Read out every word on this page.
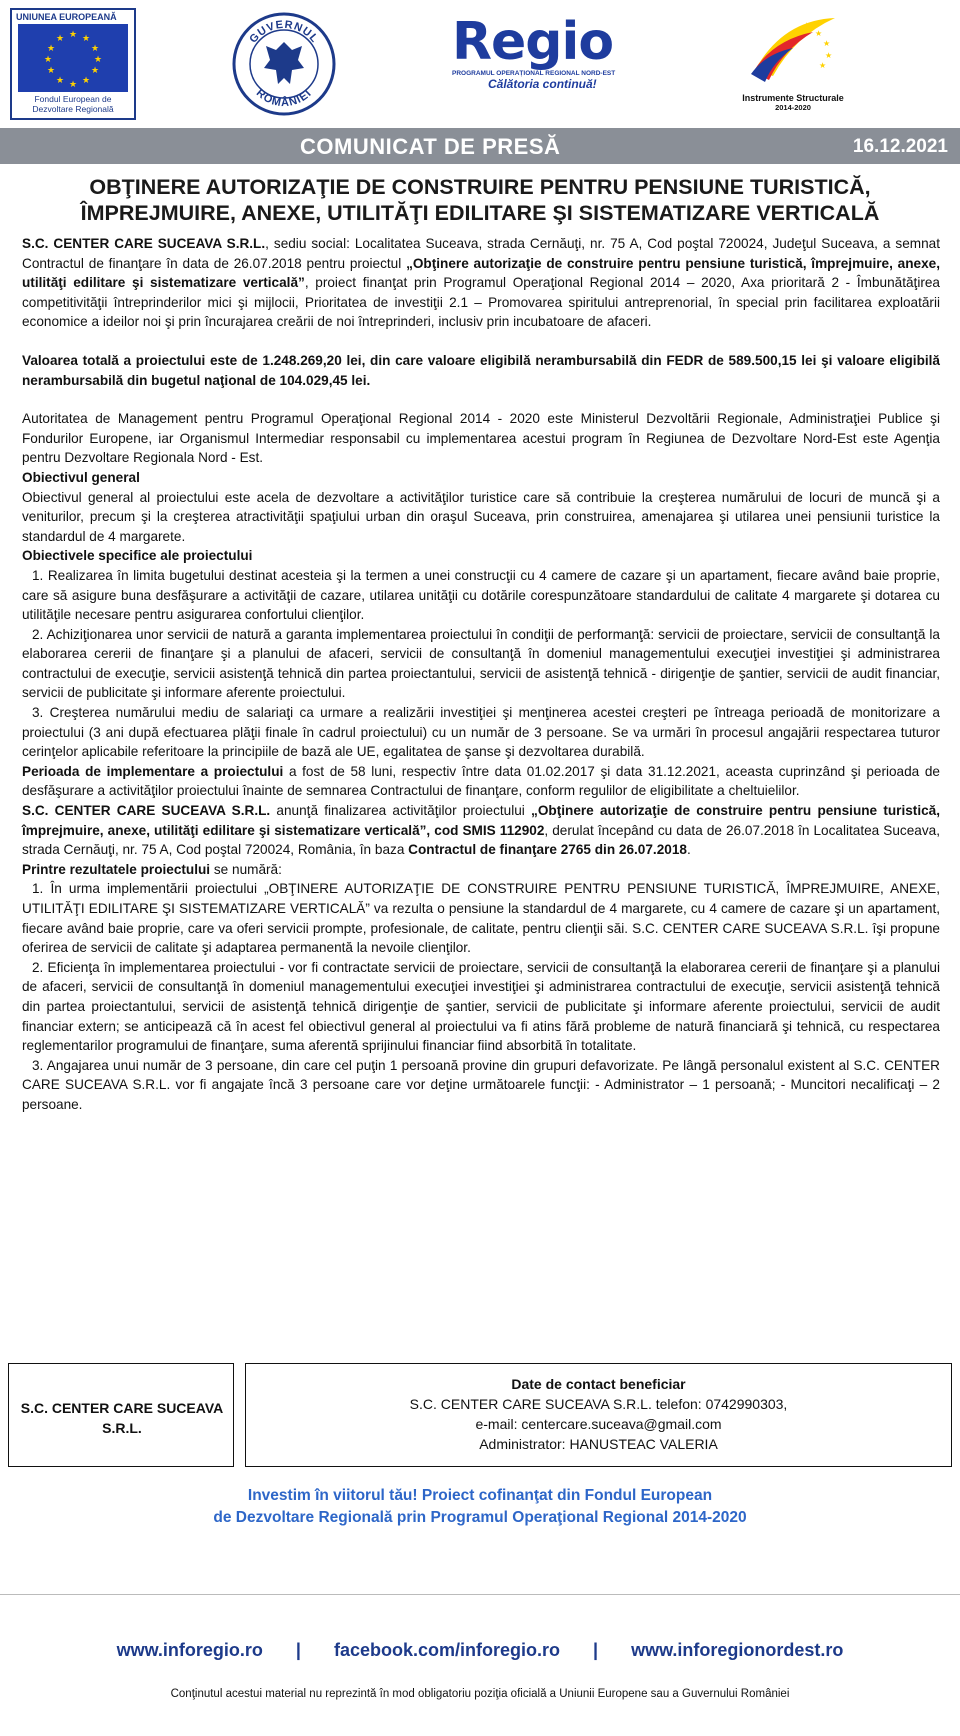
UNIUNEA EUROPEANĂ
★ ★
★
★
★
★
★
★
★
★
★
★
Fondul European de
Dezvoltare Regională
GUVERNUL
ROMÂNIEI
Regio
PROGRAMUL OPERAȚIONAL REGIONAL NORD-EST
Călătoria continuă!
★
★
★
★
★
Instrumente Structurale
2014-2020
COMUNICAT DE PRESĂ	16.12.2021
OBŢINERE AUTORIZAŢIE DE CONSTRUIRE PENTRU PENSIUNE TURISTICĂ,
ÎMPREJMUIRE, ANEXE, UTILITĂŢI EDILITARE ŞI SISTEMATIZARE VERTICALĂ

S.C. CENTER CARE SUCEAVA S.R.L., sediu social: Localitatea Suceava, strada Cernăuţi, nr. 75 A, Cod poştal 720024, Judeţul Suceava, a semnat Contractul de finanţare în data de 26.07.2018 pentru proiectul „Obţinere autorizaţie de construire pentru pensiune turistică, împrejmuire, anexe, utilităţi edilitare şi sistematizare verticală”, proiect finanţat prin Programul Operaţional Regional 2014 – 2020, Axa prioritară 2 - Îmbunătăţirea competitivităţii întreprinderilor mici şi mijlocii, Prioritatea de investiţii 2.1 – Promovarea spiritului antreprenorial, în special prin facilitarea exploatării economice a ideilor noi şi prin încurajarea creării de noi întreprinderi, inclusiv prin incubatoare de afaceri.

Valoarea totală a proiectului este de 1.248.269,20 lei, din care valoare eligibilă nerambursabilă din FEDR de 589.500,15 lei şi valoare eligibilă nerambursabilă din bugetul naţional de 104.029,45 lei.

Autoritatea de Management pentru Programul Operaţional Regional 2014 - 2020 este Ministerul Dezvoltării Regionale, Administraţiei Publice şi Fondurilor Europene, iar Organismul Intermediar responsabil cu implementarea acestui program în Regiunea de Dezvoltare Nord-Est este Agenţia pentru Dezvoltare Regionala Nord - Est.

Obiectivul general

Obiectivul general al proiectului este acela de dezvoltare a activităţilor turistice care să contribuie la creşterea numărului de locuri de muncă şi a veniturilor, precum şi la creşterea atractivităţii spaţiului urban din oraşul Suceava, prin construirea, amenajarea şi utilarea unei pensiunii turistice la standardul de 4 margarete.

Obiectivele specifice ale proiectului

1. Realizarea în limita bugetului destinat acesteia şi la termen a unei construcţii cu 4 camere de cazare şi un apartament, fiecare având baie proprie, care să asigure buna desfăşurare a activităţii de cazare, utilarea unităţii cu dotările corespunzătoare standardului de calitate 4 margarete şi dotarea cu utilităţile necesare pentru asigurarea confortului clienţilor.

2. Achiziţionarea unor servicii de natură a garanta implementarea proiectului în condiţii de performanţă: servicii de proiectare, servicii de consultanţă la elaborarea cererii de finanţare şi a planului de afaceri, servicii de consultanţă în domeniul managementului execuţiei investiţiei şi administrarea contractului de execuţie, servicii asistenţă tehnică din partea proiectantului, servicii de asistenţă tehnică - dirigenţie de şantier, servicii de audit financiar, servicii de publicitate şi informare aferente proiectului.

3. Creşterea numărului mediu de salariaţi ca urmare a realizării investiţiei şi menţinerea acestei creşteri pe întreaga perioadă de monitorizare a proiectului (3 ani după efectuarea plăţii finale în cadrul proiectului) cu un număr de 3 persoane. Se va urmări în procesul angajării respectarea tuturor cerinţelor aplicabile referitoare la principiile de bază ale UE, egalitatea de şanse şi dezvoltarea durabilă.

Perioada de implementare a proiectului a fost de 58 luni, respectiv între data 01.02.2017 şi data 31.12.2021, aceasta cuprinzând şi perioada de desfăşurare a activităţilor proiectului înainte de semnarea Contractului de finanţare, conform regulilor de eligibilitate a cheltuielilor.

S.C. CENTER CARE SUCEAVA S.R.L. anunţă finalizarea activităţilor proiectului „Obţinere autorizaţie de construire pentru pensiune turistică, împrejmuire, anexe, utilităţi edilitare şi sistematizare verticală”, cod SMIS 112902, derulat începând cu data de 26.07.2018 în Localitatea Suceava, strada Cernăuţi, nr. 75 A, Cod poştal 720024, România, în baza Contractul de finanţare 2765 din 26.07.2018.

Printre rezultatele proiectului se numără:

1. În urma implementării proiectului „OBŢINERE AUTORIZAŢIE DE CONSTRUIRE PENTRU PENSIUNE TURISTICĂ, ÎMPREJMUIRE, ANEXE, UTILITĂŢI EDILITARE ŞI SISTEMATIZARE VERTICALĂ” va rezulta o pensiune la standardul de 4 margarete, cu 4 camere de cazare şi un apartament, fiecare având baie proprie, care va oferi servicii prompte, profesionale, de calitate, pentru clienţii săi. S.C. CENTER CARE SUCEAVA S.R.L. îşi propune oferirea de servicii de calitate şi adaptarea permanentă la nevoile clienţilor.

2. Eficienţa în implementarea proiectului - vor fi contractate servicii de proiectare, servicii de consultanţă la elaborarea cererii de finanţare şi a planului de afaceri, servicii de consultanţă în domeniul managementului execuţiei investiţiei şi administrarea contractului de execuţie, servicii asistenţă tehnică din partea proiectantului, servicii de asistenţă tehnică dirigenţie de şantier, servicii de publicitate şi informare aferente proiectului, servicii de audit financiar extern; se anticipează că în acest fel obiectivul general al proiectului va fi atins fără probleme de natură financiară şi tehnică, cu respectarea reglementarilor programului de finanţare, suma aferentă sprijinului financiar fiind absorbită în totalitate.

3. Angajarea unui număr de 3 persoane, din care cel puţin 1 persoană provine din grupuri defavorizate. Pe lângă personalul existent al S.C. CENTER CARE SUCEAVA S.R.L. vor fi angajate încă 3 persoane care vor deţine următoarele funcţii: - Administrator – 1 persoană; - Muncitori necalificaţi – 2 persoane.

S.C. CENTER CARE SUCEAVA
S.R.L.
Date de contact beneficiar
S.C. CENTER CARE SUCEAVA S.R.L. telefon: 0742990303,
e-mail: centercare.suceava@gmail.com
Administrator: HANUSTEAC VALERIA
Investim în viitorul tău! Proiect cofinanţat din Fondul European
de Dezvoltare Regională prin Programul Operaţional Regional 2014-2020
www.inforegio.ro | facebook.com/inforegio.ro | www.inforegionordest.ro
Conţinutul acestui material nu reprezintă în mod obligatoriu poziţia oficială a Uniunii Europene sau a Guvernului României
